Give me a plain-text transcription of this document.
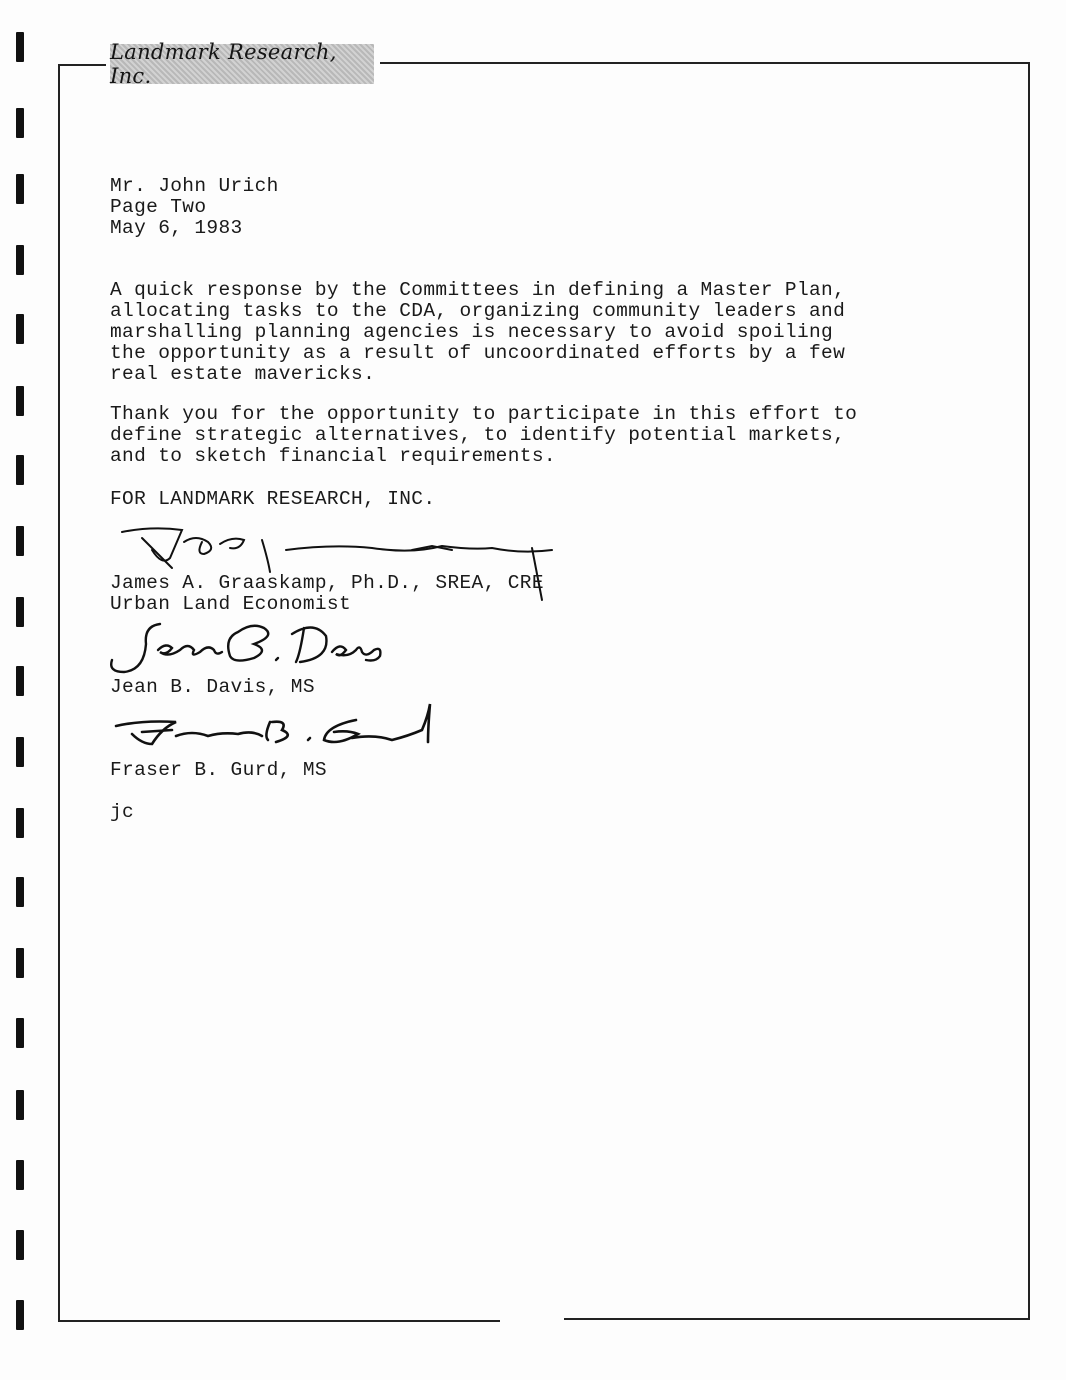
Landmark Research, Inc.
Mr. John Urich
Page Two
May 6, 1983
A quick response by the Committees in defining a Master Plan,
allocating tasks to the CDA, organizing community leaders and
marshalling planning agencies is necessary to avoid spoiling
the opportunity as a result of uncoordinated efforts by a few
real estate mavericks.
Thank you for the opportunity to participate in this effort to
define strategic alternatives, to identify potential markets,
and to sketch financial requirements.
FOR LANDMARK RESEARCH, INC.
James A. Graaskamp, Ph.D., SREA, CRE
Urban Land Economist
Jean B. Davis, MS
Fraser B. Gurd, MS
jc
